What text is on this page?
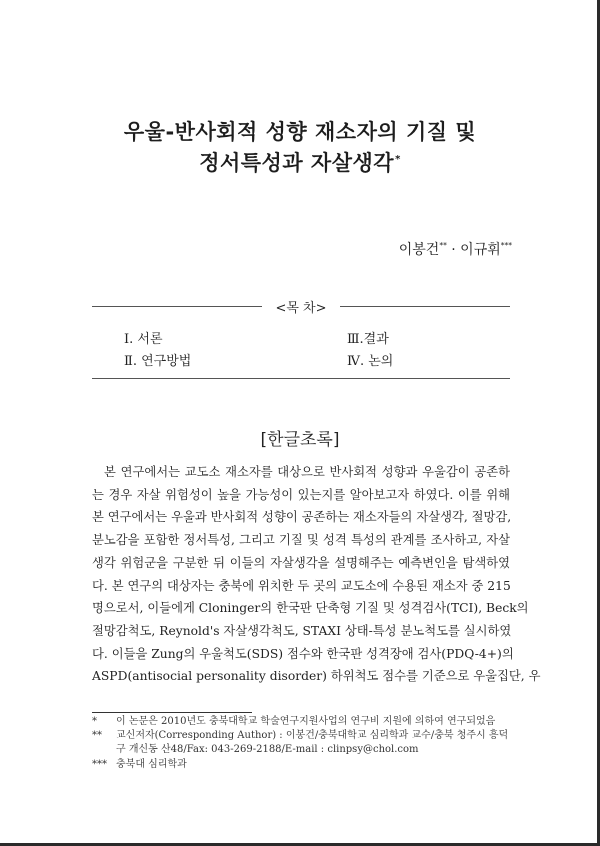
우울-반사회적 성향 재소자의 기질 및
정서특성과 자살생각*
이봉건** · 이규휘***
<목 차>
Ⅰ. 서론
Ⅱ. 연구방법
Ⅲ.결과
Ⅳ. 논의
[한글초록]
본 연구에서는 교도소 재소자를 대상으로 반사회적 성향과 우울감이 공존하
는 경우 자살 위험성이 높을 가능성이 있는지를 알아보고자 하였다. 이를 위해
본 연구에서는 우울과 반사회적 성향이 공존하는 재소자들의 자살생각, 절망감,
분노감을 포함한 정서특성, 그리고 기질 및 성격 특성의 관계를 조사하고, 자살
생각 위험군을 구분한 뒤 이들의 자살생각을 설명해주는 예측변인을 탐색하였
다. 본 연구의 대상자는 충북에 위치한 두 곳의 교도소에 수용된 재소자 중 215
명으로서, 이들에게 Cloninger의 한국판 단축형 기질 및 성격검사(TCI), Beck의
절망감척도, Reynold's 자살생각척도, STAXI 상태-특성 분노척도를 실시하였
다. 이들을 Zung의 우울척도(SDS) 점수와 한국판 성격장애 검사(PDQ-4+)의
ASPD(antisocial personality disorder) 하위척도 점수를 기준으로 우울집단, 우
* 이 논문은 2010년도 충북대학교 학술연구지원사업의 연구비 지원에 의하여 연구되었음
** 교신저자(Corresponding Author) : 이봉건/충북대학교 심리학과 교수/충북 청주시 흥덕
구 개신동 산48/Fax: 043-269-2188/E-mail : clinpsy@chol.com
*** 충북대 심리학과
